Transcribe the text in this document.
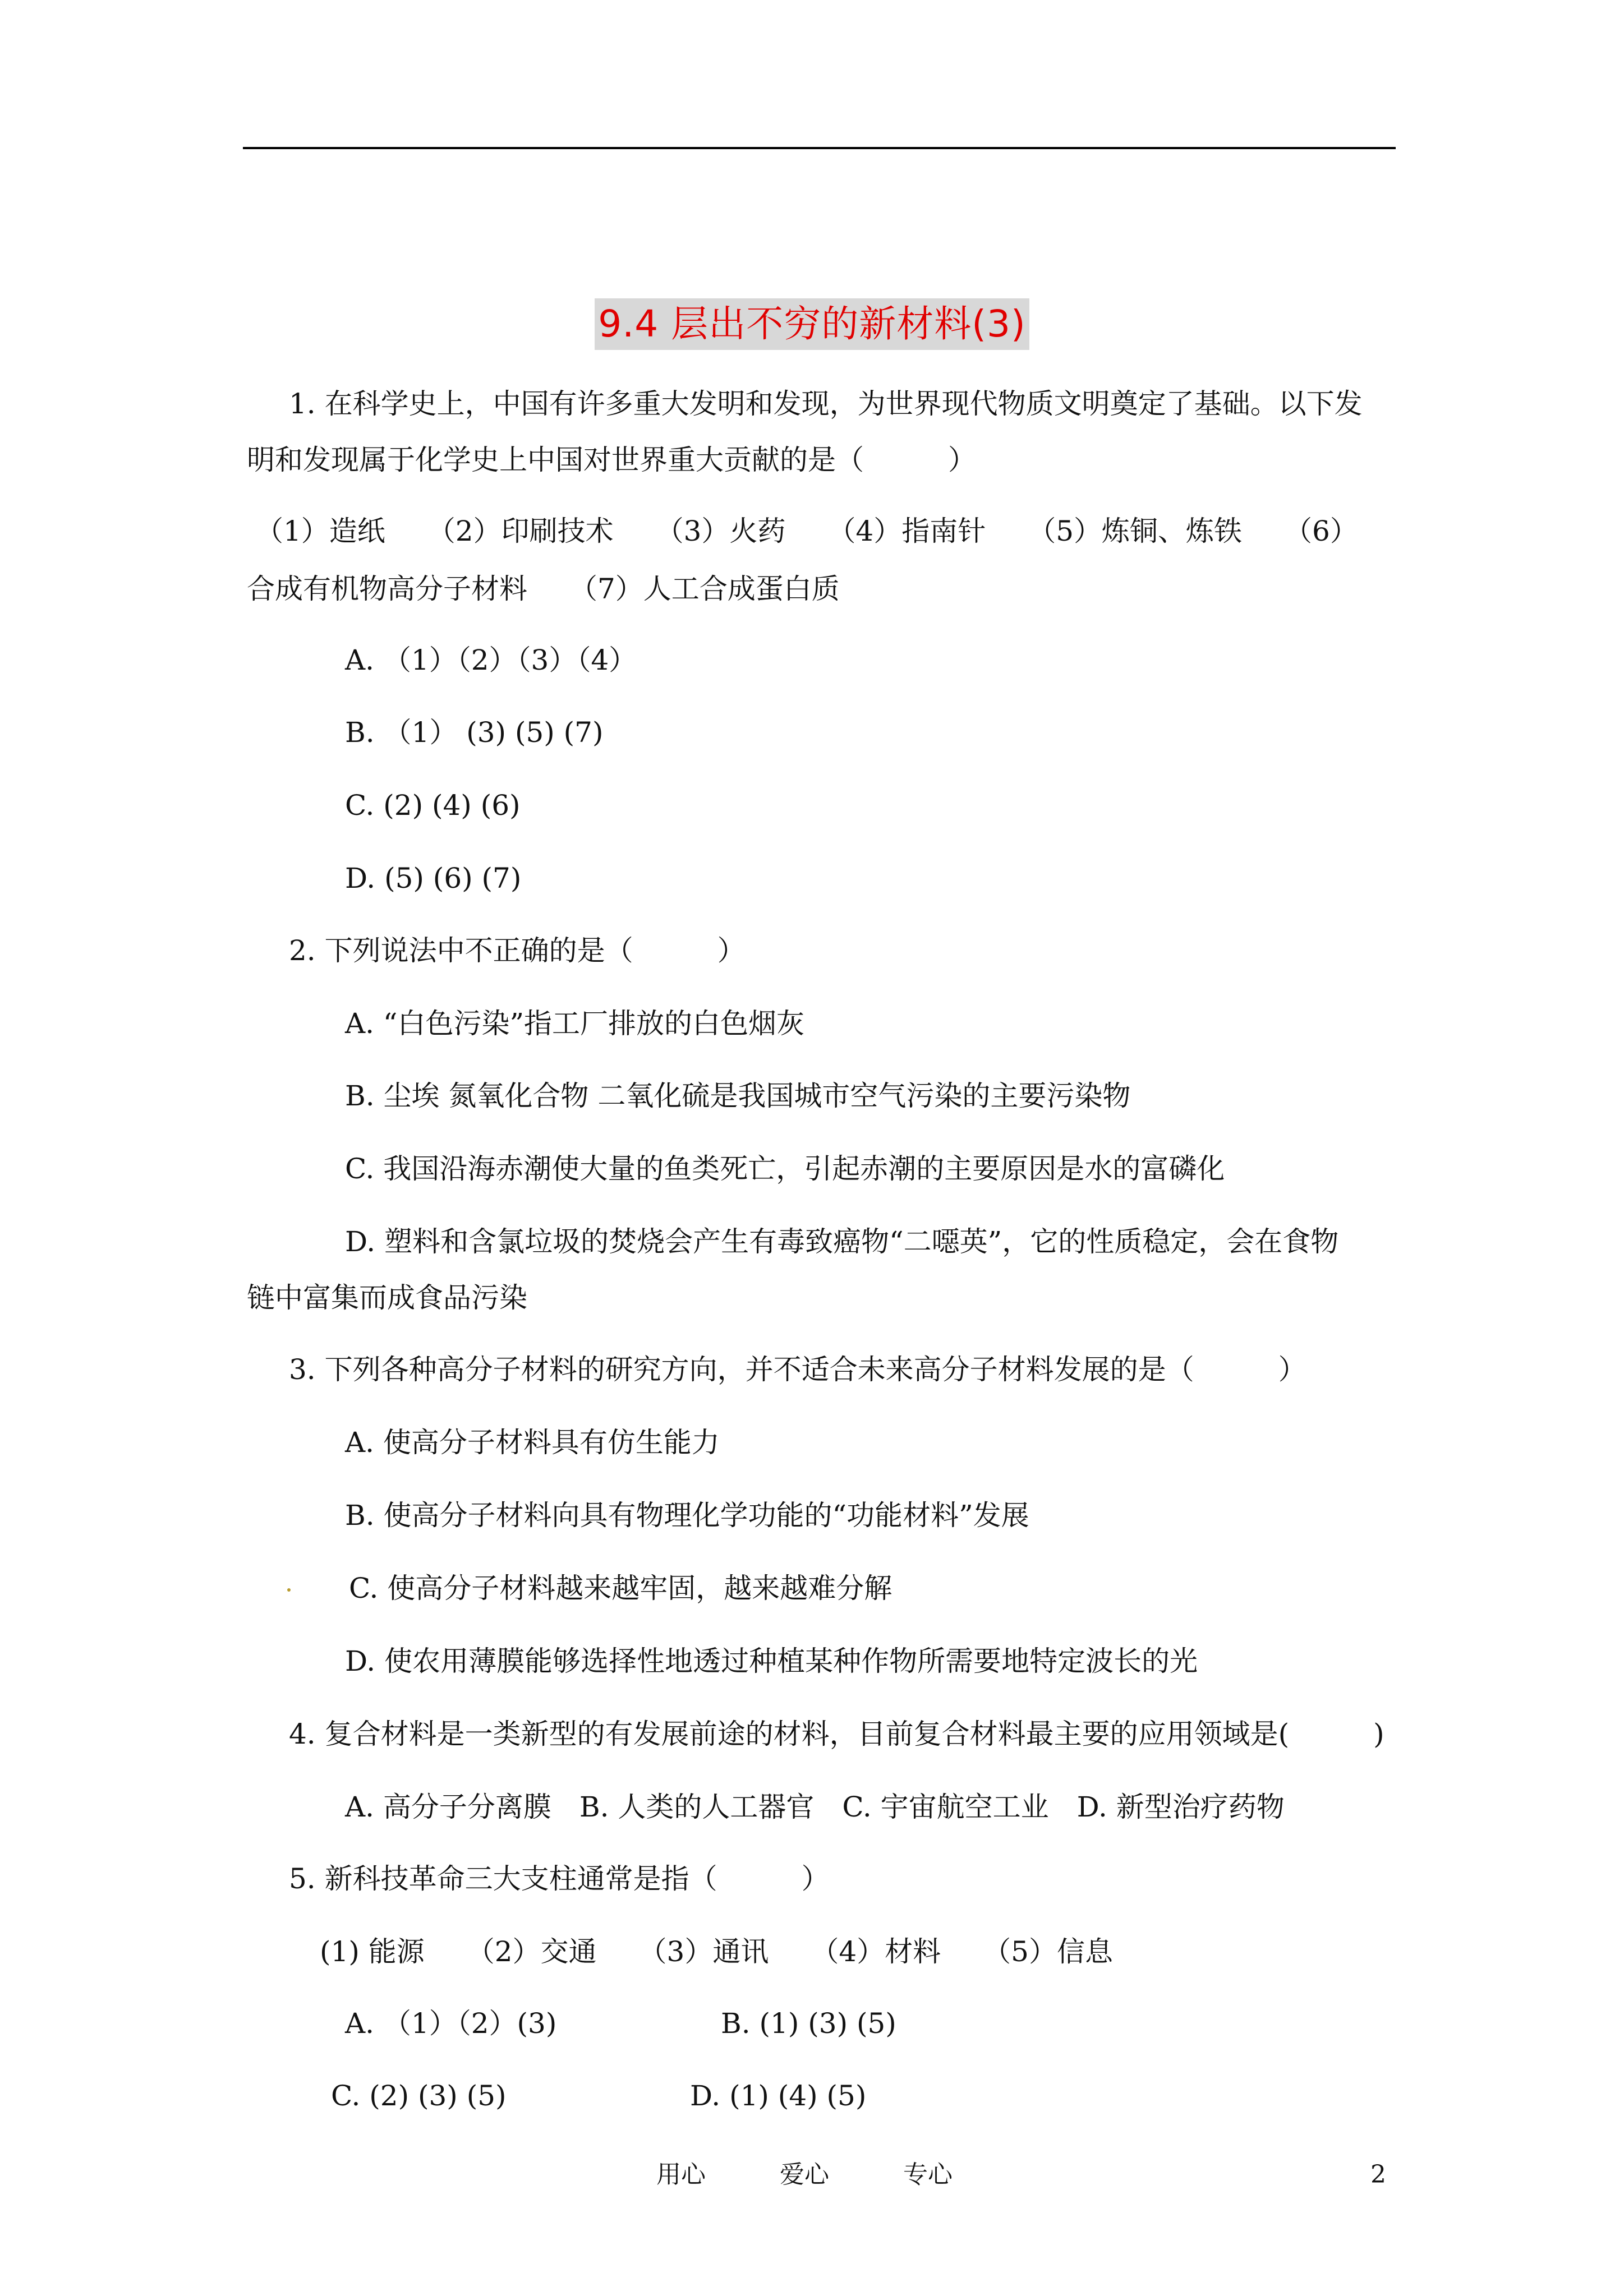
9.4 层出不穷的新材料(3)
1. 在科学史上，中国有许多重大发明和发现，为世界现代物质文明奠定了基础。以下发
明和发现属于化学史上中国对世界重大贡献的是（　　　）
（1）造纸　　（2）印刷技术　　（3）火药　　（4）指南针　　（5）炼铜、炼铁　　（6）
合成有机物高分子材料　　（7）人工合成蛋白质
A. （1）（2）（3）（4）
B. （1） (3) (5) (7)
C. (2) (4) (6)
D. (5) (6) (7)
2. 下列说法中不正确的是（　　　）
A. “白色污染”指工厂排放的白色烟灰
B. 尘埃 氮氧化合物 二氧化硫是我国城市空气污染的主要污染物
C. 我国沿海赤潮使大量的鱼类死亡，引起赤潮的主要原因是水的富磷化
D. 塑料和含氯垃圾的焚烧会产生有毒致癌物“二噁英”，它的性质稳定，会在食物
链中富集而成食品污染
3. 下列各种高分子材料的研究方向，并不适合未来高分子材料发展的是（　　　）
A. 使高分子材料具有仿生能力
B. 使高分子材料向具有物理化学功能的“功能材料”发展
C. 使高分子材料越来越牢固，越来越难分解
D. 使农用薄膜能够选择性地透过种植某种作物所需要地特定波长的光
4. 复合材料是一类新型的有发展前途的材料，目前复合材料最主要的应用领域是(　　　)
A. 高分子分离膜　B. 人类的人工器官　C. 宇宙航空工业　D. 新型治疗药物
5. 新科技革命三大支柱通常是指（　　　）
(1) 能源　　（2）交通　　（3）通讯　　（4）材料　　（5）信息
A. （1）（2）(3)	B. (1) (3) (5)
C. (2) (3) (5)	D. (1) (4) (5)
用心　　　爱心　　　专心	2
